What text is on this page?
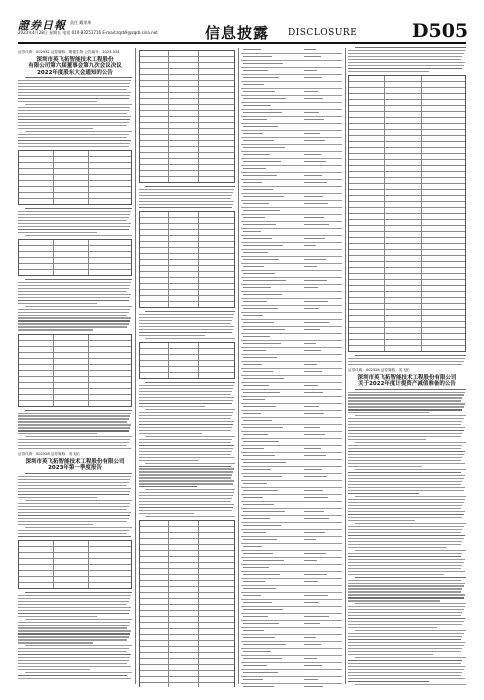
證券日報 责任 戴荣炜
2023年4月28日 星期五 电话 010-83251716 E-mail:zqrb9@zqrb.sina.net	信息披露 DISCLOSURE	D505
证券代码：002932 证券简称：明德生物 公告编号：2023-034
深圳市英飞拓智能技术工程股份
有限公司第六届董事会第九次会议决议
2022年度股东大会通知的公告
证券代码：002528 证券简称：英飞拓
深圳市英飞拓智能技术工程股份有限公司
2023年第一季度报告
证券代码：002528 证券简称：英飞拓
深圳市英飞拓智能技术工程股份有限公司
关于2022年度计提资产减值准备的公告
